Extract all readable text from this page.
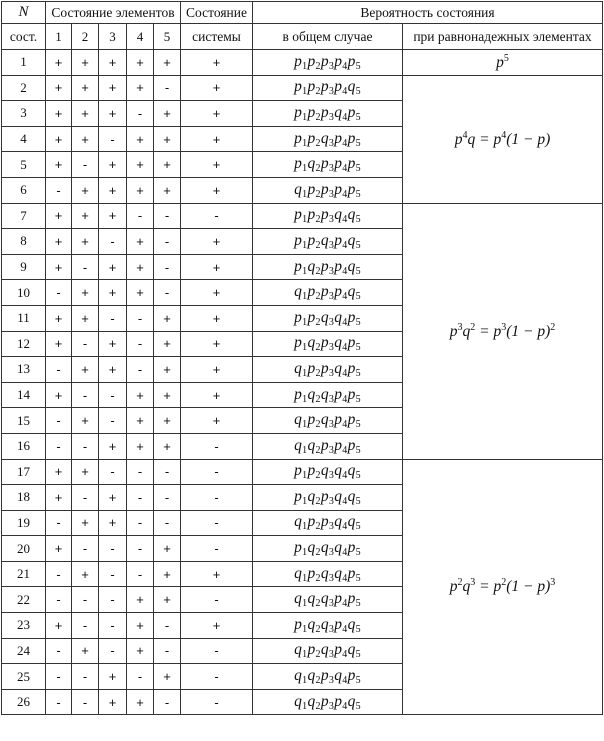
N	Состояние элементов					Состояние	Вероятность состояния	
сост.	1	2	3	4	5	системы	в общем случае	при равнонадежных элементах
1	+	+	+	+	+	+	$p_1p_2p_3p_4p_5$	$p^5$
2	+	+	+	+	-	+	$p_1p_2p_3p_4q_5$	$p^4q = p^4(1 - p)$
3	+	+	+	-	+	+	$p_1p_2p_3q_4p_5$
4	+	+	-	+	+	+	$p_1p_2q_3p_4p_5$
5	+	-	+	+	+	+	$p_1q_2p_3p_4p_5$
6	-	+	+	+	+	+	$q_1p_2p_3p_4p_5$
7	+	+	+	-	-	-	$p_1p_2p_3q_4q_5$	$p^3q^2 = p^3(1 - p)^2$
8	+	+	-	+	-	+	$p_1p_2q_3p_4q_5$
9	+	-	+	+	-	+	$p_1q_2p_3p_4q_5$
10	-	+	+	+	-	+	$q_1p_2p_3p_4q_5$
11	+	+	-	-	+	+	$p_1p_2q_3q_4p_5$
12	+	-	+	-	+	+	$p_1q_2p_3q_4p_5$
13	-	+	+	-	+	+	$q_1p_2p_3q_4p_5$
14	+	-	-	+	+	+	$p_1q_2q_3p_4p_5$
15	-	+	-	+	+	+	$q_1p_2q_3p_4p_5$
16	-	-	+	+	+	-	$q_1q_2p_3p_4p_5$
17	+	+	-	-	-	-	$p_1p_2q_3q_4q_5$	$p^2q^3 = p^2(1 - p)^3$
18	+	-	+	-	-	-	$p_1q_2p_3q_4q_5$
19	-	+	+	-	-	-	$q_1p_2p_3q_4q_5$
20	+	-	-	-	+	-	$p_1q_2q_3q_4p_5$
21	-	+	-	-	+	+	$q_1p_2q_3q_4p_5$
22	-	-	-	+	+	-	$q_1q_2q_3p_4p_5$
23	+	-	-	+	-	+	$p_1q_2q_3p_4q_5$
24	-	+	-	+	-	-	$q_1p_2q_3p_4q_5$
25	-	-	+	-	+	-	$q_1q_2p_3q_4p_5$
26	-	-	+	+	-	-	$q_1q_2p_3p_4q_5$
